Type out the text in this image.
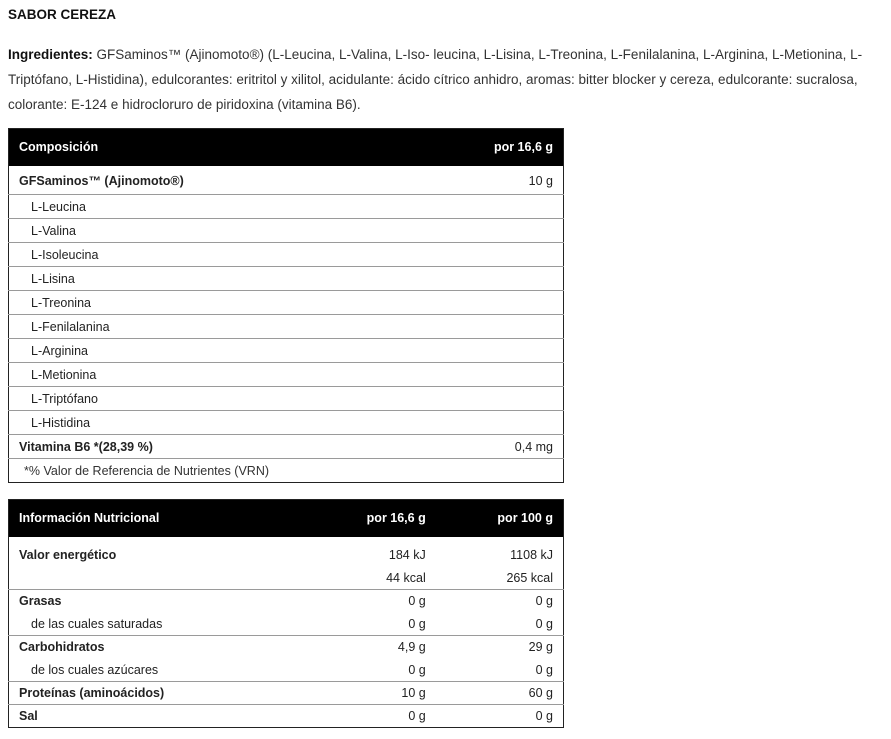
SABOR CEREZA

Ingredientes: GFSaminos™ (Ajinomoto®) (L-Leucina, L-Valina, L-Iso- leucina, L-Lisina, L-Treonina, L-Fenilalanina, L-Arginina, L-Metionina, L-Triptófano, L-Histidina), edulcorantes: eritritol y xilitol, acidulante: ácido cítrico anhidro, aromas: bitter blocker y cereza, edulcorante: sucralosa, colorante: E-124 e hidrocloruro de piridoxina (vitamina B6).

Composición	por 16,6 g
GFSaminos™ (Ajinomoto®)	10 g
L-Leucina	
L-Valina	
L-Isoleucina	
L-Lisina	
L-Treonina	
L-Fenilalanina	
L-Arginina	
L-Metionina	
L-Triptófano	
L-Histidina	
Vitamina B6 *(28,39 %)	0,4 mg
*% Valor de Referencia de Nutrientes (VRN)	
Información Nutricional	por 16,6 g	por 100 g
Valor energético	184 kJ	1108 kJ
	44 kcal	265 kcal
Grasas	0 g	0 g
de las cuales saturadas	0 g	0 g
Carbohidratos	4,9 g	29 g
de los cuales azúcares	0 g	0 g
Proteínas (aminoácidos)	10 g	60 g
Sal	0 g	0 g
